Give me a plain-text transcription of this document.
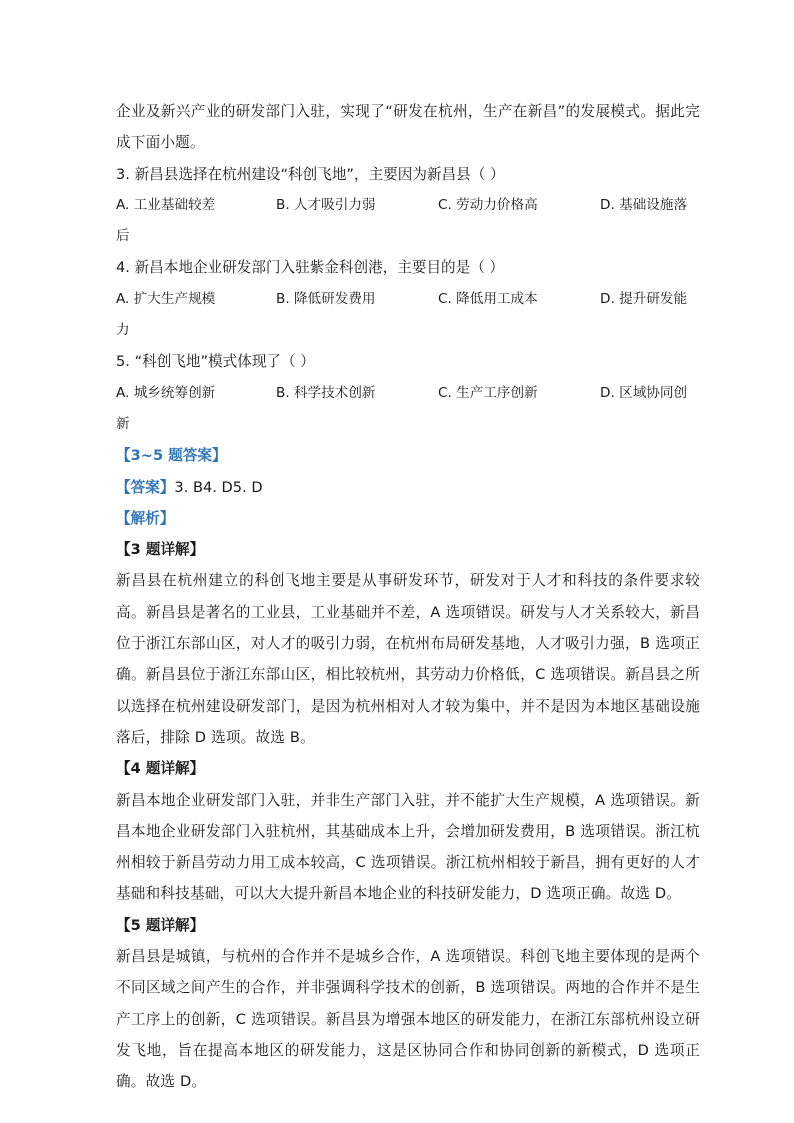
企业及新兴产业的研发部门入驻，实现了“研发在杭州，生产在新昌”的发展模式。据此完成下面小题。

3. 新昌县选择在杭州建设“科创飞地”，主要因为新昌县（ ）

A. 工业基础较差	B. 人才吸引力弱	C. 劳动力价格高	D. 基础设施落
后

4. 新昌本地企业研发部门入驻紫金科创港，主要目的是（ ）

A. 扩大生产规模	B. 降低研发费用	C. 降低用工成本	D. 提升研发能
力

5. “科创飞地”模式体现了（ ）

A. 城乡统筹创新	B. 科学技术创新	C. 生产工序创新	D. 区域协同创
新

【3~5 题答案】

【答案】3. B4. D5. D

【解析】

【3 题详解】

新昌县在杭州建立的科创飞地主要是从事研发环节，研发对于人才和科技的条件要求较高。新昌县是著名的工业县，工业基础并不差，A 选项错误。研发与人才关系较大，新昌位于浙江东部山区，对人才的吸引力弱，在杭州布局研发基地，人才吸引力强，B 选项正确。新昌县位于浙江东部山区，相比较杭州，其劳动力价格低，C 选项错误。新昌县之所以选择在杭州建设研发部门，是因为杭州相对人才较为集中，并不是因为本地区基础设施落后，排除 D 选项。故选 B。

【4 题详解】

新昌本地企业研发部门入驻，并非生产部门入驻，并不能扩大生产规模，A 选项错误。新昌本地企业研发部门入驻杭州，其基础成本上升，会增加研发费用，B 选项错误。浙江杭州相较于新昌劳动力用工成本较高，C 选项错误。浙江杭州相较于新昌，拥有更好的人才基础和科技基础，可以大大提升新昌本地企业的科技研发能力，D 选项正确。故选 D。

【5 题详解】

新昌县是城镇，与杭州的合作并不是城乡合作，A 选项错误。科创飞地主要体现的是两个不同区域之间产生的合作，并非强调科学技术的创新，B 选项错误。两地的合作并不是生产工序上的创新，C 选项错误。新昌县为增强本地区的研发能力，在浙江东部杭州设立研发飞地，旨在提高本地区的研发能力，这是区协同合作和协同创新的新模式，D 选项正确。故选 D。
